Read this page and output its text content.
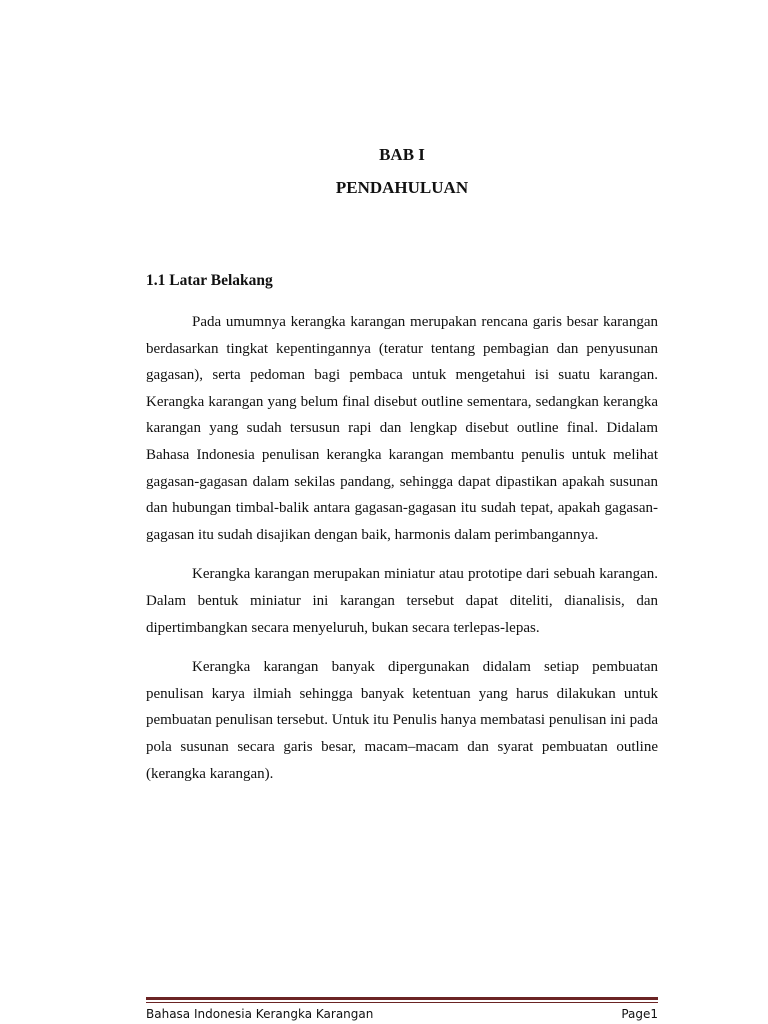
BAB I
PENDAHULUAN
1.1 Latar Belakang

Pada umumnya kerangka karangan merupakan rencana garis besar karangan berdasarkan tingkat kepentingannya (teratur tentang pembagian dan penyusunan gagasan), serta pedoman bagi pembaca untuk mengetahui isi suatu karangan. Kerangka karangan yang belum final disebut outline sementara, sedangkan kerangka karangan yang sudah tersusun rapi dan lengkap disebut outline final. Didalam Bahasa Indonesia penulisan kerangka karangan membantu penulis untuk melihat gagasan-gagasan dalam sekilas pandang, sehingga dapat dipastikan apakah susunan dan hubungan timbal-balik antara gagasan-gagasan itu sudah tepat, apakah gagasan-gagasan itu sudah disajikan dengan baik, harmonis dalam perimbangannya.

Kerangka karangan merupakan miniatur atau prototipe dari sebuah karangan. Dalam bentuk miniatur ini karangan tersebut dapat diteliti, dianalisis, dan dipertimbangkan secara menyeluruh, bukan secara terlepas-lepas.

Kerangka karangan banyak dipergunakan didalam setiap pembuatan penulisan karya ilmiah sehingga banyak ketentuan yang harus dilakukan untuk pembuatan penulisan tersebut. Untuk itu Penulis hanya membatasi penulisan ini pada pola susunan secara garis besar, macam–macam dan syarat pembuatan outline (kerangka karangan).

Bahasa Indonesia Kerangka Karangan	Page1
